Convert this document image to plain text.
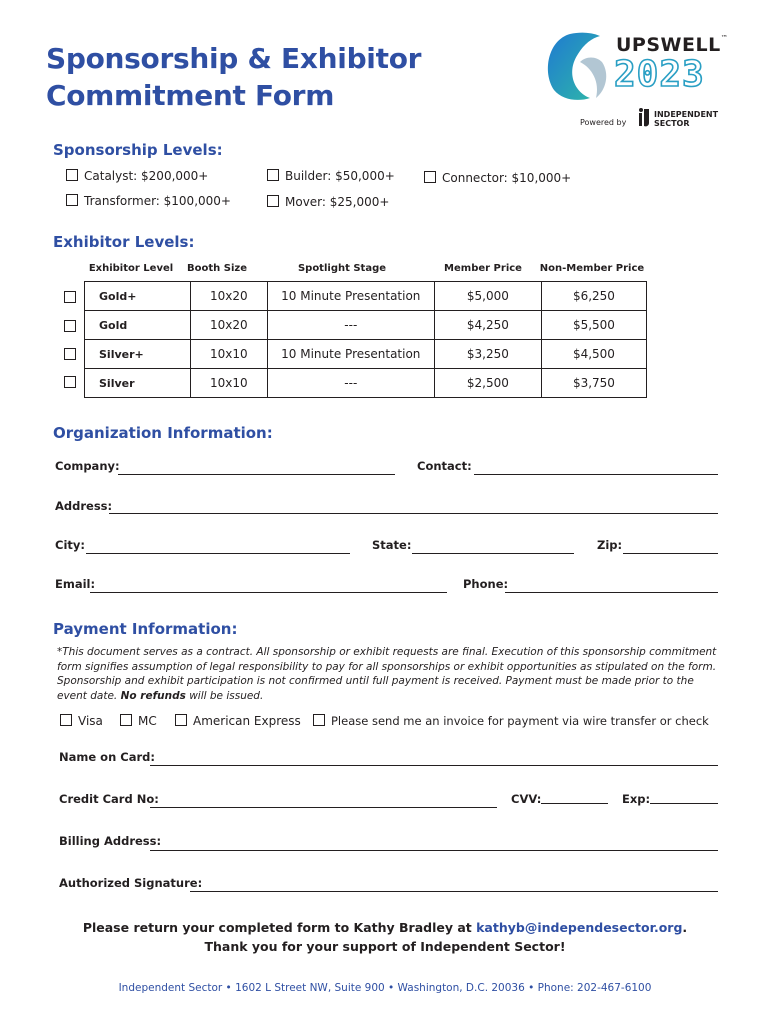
Sponsorship & Exhibitor
Commitment Form
UPSWELL™
2023
Powered by
INDEPENDENT
SECTOR
Sponsorship Levels:
Catalyst: $200,000+	Builder: $50,000+	Connector: $10,000+
Transformer: $100,000+	Mover: $25,000+
Exhibitor Levels:
Exhibitor Level	Booth Size	Spotlight Stage	Member Price	Non-Member Price
Gold+	10x20	10 Minute Presentation	$5,000	$6,250
Gold	10x20	---	$4,250	$5,500
Silver+	10x10	10 Minute Presentation	$3,250	$4,500
Silver	10x10	---	$2,500	$3,750
Organization Information:
Company:	Contact:
Address:
City:	State:	Zip:
Email:	Phone:
Payment Information:
*This document serves as a contract. All sponsorship or exhibit requests are final. Execution of this sponsorship commitment form signifies assumption of legal responsibility to pay for all sponsorships or exhibit opportunities as stipulated on the form. Sponsorship and exhibit participation is not confirmed until full payment is received. Payment must be made prior to the event date. No refunds will be issued.
Visa	MC	American Express	Please send me an invoice for payment via wire transfer or check
Name on Card:
Credit Card No:	CVV:	Exp:
Billing Address:
Authorized Signature:
Please return your completed form to Kathy Bradley at kathyb@independesector.org.
Thank you for your support of Independent Sector!
Independent Sector • 1602 L Street NW, Suite 900 • Washington, D.C. 20036 • Phone: 202-467-6100
